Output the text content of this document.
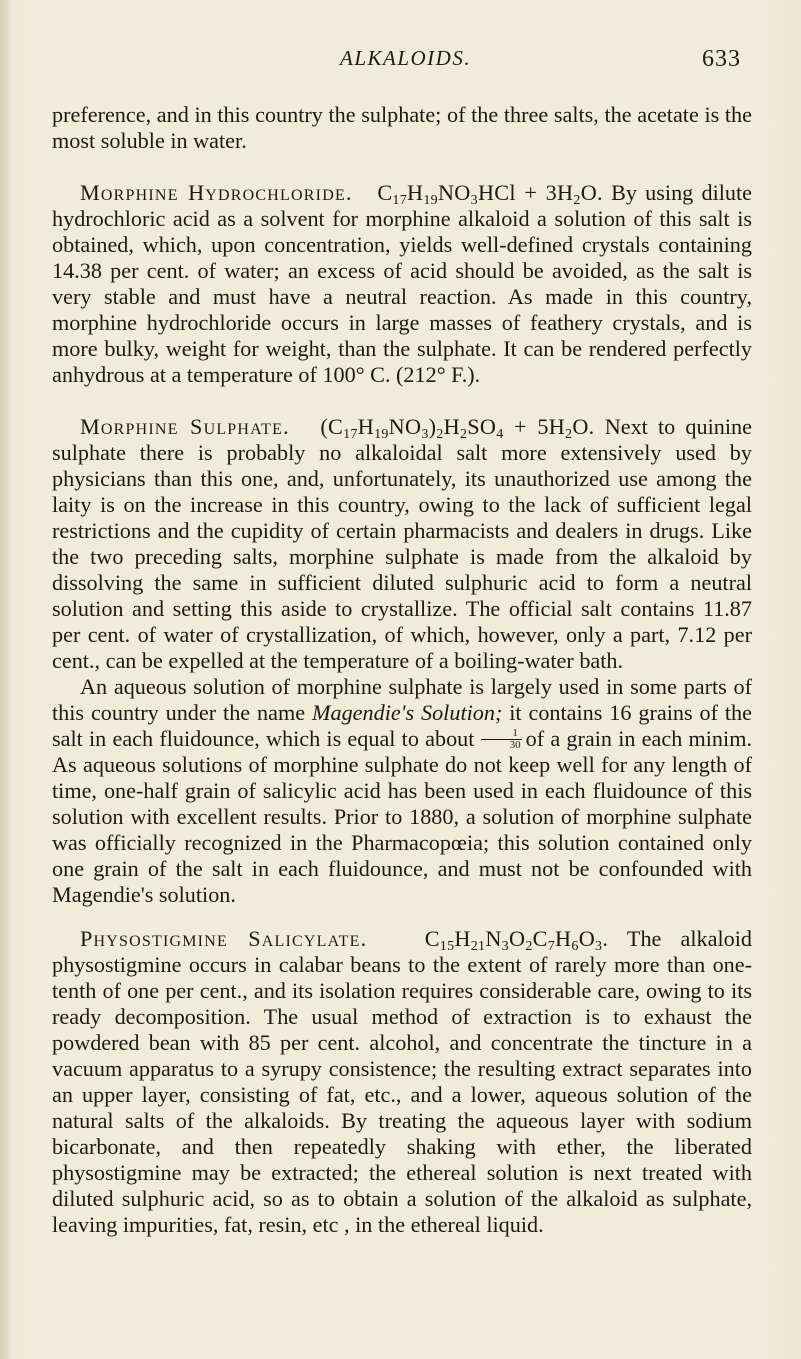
ALKALOIDS.	633

preference, and in this country the sulphate; of the three salts, the acetate is the most soluble in water.

Morphine Hydrochloride. $C_{17}H_{19}NO_3HCl + 3H_2O$. By using dilute hydrochloric acid as a solvent for morphine alkaloid a solution of this salt is obtained, which, upon concentration, yields well-defined crystals containing 14.38 per cent. of water; an excess of acid should be avoided, as the salt is very stable and must have a neutral reaction. As made in this country, morphine hydrochloride occurs in large masses of feathery crystals, and is more bulky, weight for weight, than the sulphate. It can be rendered perfectly anhydrous at a temperature of 100° C. (212° F.).

Morphine Sulphate. $(C_{17}H_{19}NO_3)_2H_2SO_4 + 5H_2O$. Next to quinine sulphate there is probably no alkaloidal salt more extensively used by physicians than this one, and, unfortunately, its unauthorized use among the laity is on the increase in this country, owing to the lack of sufficient legal restrictions and the cupidity of certain pharmacists and dealers in drugs. Like the two preceding salts, morphine sulphate is made from the alkaloid by dissolving the same in sufficient diluted sulphuric acid to form a neutral solution and setting this aside to crystallize. The official salt contains 11.87 per cent. of water of crystallization, of which, however, only a part, 7.12 per cent., can be expelled at the temperature of a boiling-water bath.

An aqueous solution of morphine sulphate is largely used in some parts of this country under the name Magendie's Solution; it contains 16 grains of the salt in each fluidounce, which is equal to about $\frac{1}{30}$ of a grain in each minim. As aqueous solutions of morphine sulphate do not keep well for any length of time, one-half grain of salicylic acid has been used in each fluidounce of this solution with excellent results. Prior to 1880, a solution of morphine sulphate was officially recognized in the Pharmacopœia; this solution contained only one grain of the salt in each fluidounce, and must not be confounded with Magendie's solution.

Physostigmine Salicylate.	$C_{15}H_{21}N_3O_2C_7H_6O_3$. The alkaloid physostigmine occurs in calabar beans to the extent of rarely more than one-tenth of one per cent., and its isolation requires considerable care, owing to its ready decomposition. The usual method of extraction is to exhaust the powdered bean with 85 per cent. alcohol, and concentrate the tincture in a vacuum apparatus to a syrupy consistence; the resulting extract separates into an upper layer, consisting of fat, etc., and a lower, aqueous solution of the natural salts of the alkaloids. By treating the aqueous layer with sodium bicarbonate, and then repeatedly shaking with ether, the liberated physostigmine may be extracted; the ethereal solution is next treated with diluted sulphuric acid, so as to obtain a solution of the alkaloid as sulphate, leaving impurities, fat, resin, etc , in the ethereal liquid.
